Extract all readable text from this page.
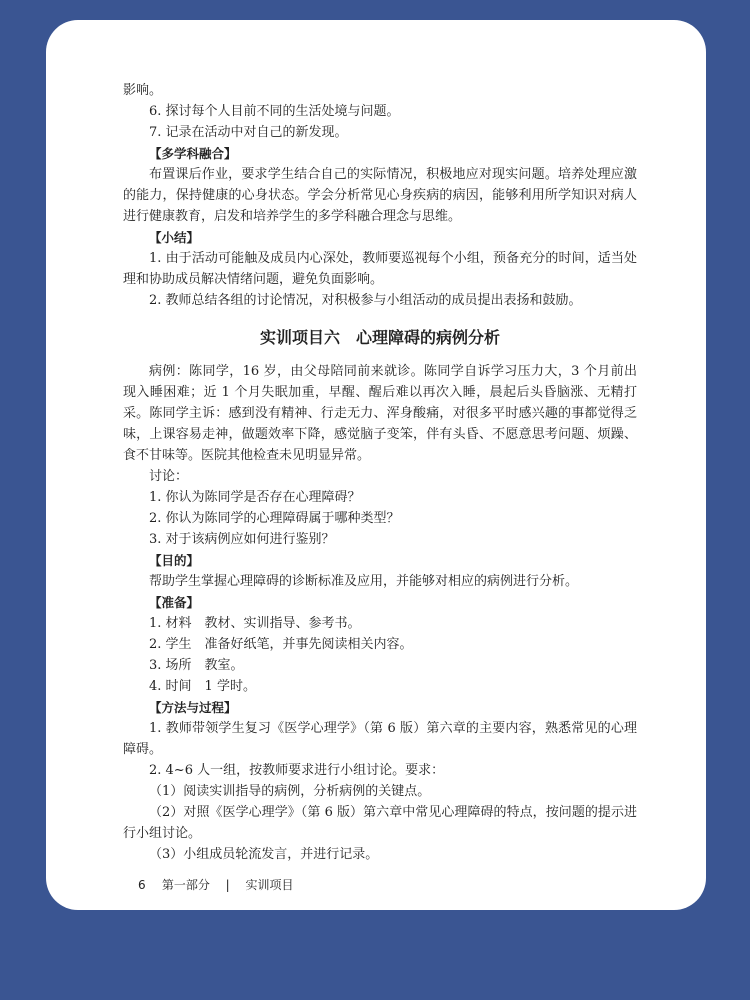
影响。

6. 探讨每个人目前不同的生活处境与问题。

7. 记录在活动中对自己的新发现。

【多学科融合】

布置课后作业，要求学生结合自己的实际情况，积极地应对现实问题。培养处理应激的能力，保持健康的心身状态。学会分析常见心身疾病的病因，能够利用所学知识对病人进行健康教育，启发和培养学生的多学科融合理念与思维。

【小结】

1. 由于活动可能触及成员内心深处，教师要巡视每个小组，预备充分的时间，适当处理和协助成员解决情绪问题，避免负面影响。

2. 教师总结各组的讨论情况，对积极参与小组活动的成员提出表扬和鼓励。

实训项目六 心理障碍的病例分析

病例：陈同学，16 岁，由父母陪同前来就诊。陈同学自诉学习压力大，3 个月前出现入睡困难；近 1 个月失眠加重，早醒、醒后难以再次入睡，晨起后头昏脑涨、无精打采。陈同学主诉：感到没有精神、行走无力、浑身酸痛，对很多平时感兴趣的事都觉得乏味，上课容易走神，做题效率下降，感觉脑子变笨，伴有头昏、不愿意思考问题、烦躁、食不甘味等。医院其他检查未见明显异常。

讨论：

1. 你认为陈同学是否存在心理障碍？

2. 你认为陈同学的心理障碍属于哪种类型？

3. 对于该病例应如何进行鉴别？

【目的】

帮助学生掌握心理障碍的诊断标准及应用，并能够对相应的病例进行分析。

【准备】

1. 材料　教材、实训指导、参考书。

2. 学生　准备好纸笔，并事先阅读相关内容。

3. 场所　教室。

4. 时间　1 学时。

【方法与过程】

1. 教师带领学生复习《医学心理学》（第 6 版）第六章的主要内容，熟悉常见的心理障碍。

2. 4~6 人一组，按教师要求进行小组讨论。要求：

（1）阅读实训指导的病例，分析病例的关键点。

（2）对照《医学心理学》（第 6 版）第六章中常见心理障碍的特点，按问题的提示进行小组讨论。

（3）小组成员轮流发言，并进行记录。

6 第一部分 | 实训项目
